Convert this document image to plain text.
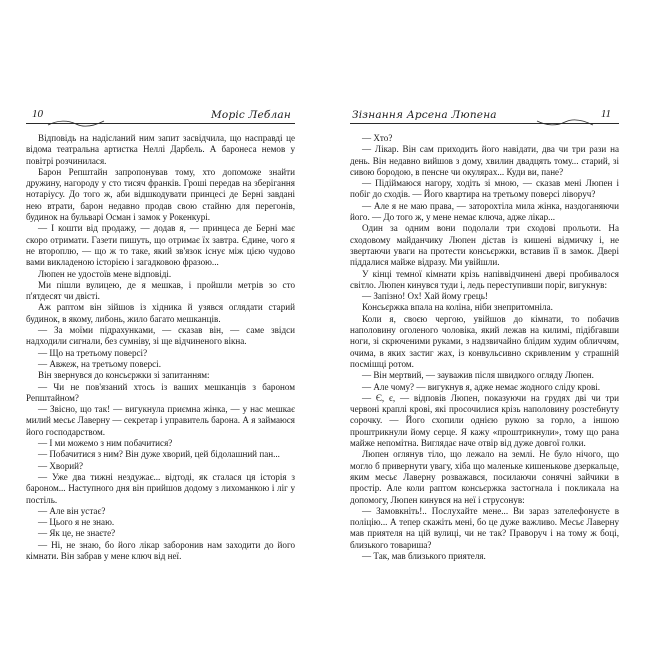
10	Моріс Леблан

Відповідь на надісланий ним запит засвідчила, що насправді це відома театральна артистка Неллі Дарбель. А баронеса немов у повітрі розчинилася.

Барон Репштайн запропонував тому, хто допоможе знайти дружину, нагороду у сто тисяч франків. Гроші передав на зберігання нотаріусу. До того ж, аби відшкодувати принцесі де Берні завдані нею втрати, барон недавно продав свою стайню для перегонів, будинок на бульварі Осман і замок у Рокенкурі.

— І кошти від продажу, — додав я, — принцеса де Берні має скоро отримати. Газети пишуть, що отримає їх завтра. Єдине, чого я не второплю, — що ж то таке, який зв'язок існує між цією чудово вами викладеною історією і загадковою фразою...

Люпен не удостоїв мене відповіді.

Ми пішли вулицею, де я мешкав, і пройшли метрів зо сто п'ятдесят чи двісті.

Аж раптом він зійшов із хідника й узявся оглядати старий будинок, в якому, либонь, жило багато мешканців.

— За моїми підрахунками, — сказав він, — саме звідси надходили сигнали, без сумніву, зі ще відчиненого вікна.

— Що на третьому поверсі?

— Авжеж, на третьому поверсі.

Він звернувся до консьєржки зі запитанням:

— Чи не пов'язаний хтось із ваших мешканців з бароном Репштайном?

— Звісно, що так! — вигукнула приємна жінка, — у нас мешкає милий месьє Лаверну — секретар і управитель барона. А я займаюся його господарством.

— І ми можемо з ним побачитися?

— Побачитися з ним? Він дуже хворий, цей бідолашний пан...

— Хворий?

— Уже два тижні нездужає... відтоді, як сталася ця історія з бароном... Наступного дня він прийшов додому з лихоманкою і ліг у постіль.

— Але він устає?

— Цього я не знаю.

— Як це, не знаєте?

— Ні, не знаю, бо його лікар заборонив нам заходити до його кімнати. Він забрав у мене ключ від неї.

Зізнання Арсена Люпена	11

— Хто?

— Лікар. Він сам приходить його навідати, два чи три рази на день. Він недавно вийшов з дому, хвилин двадцять тому... старий, зі сивою бородою, в пенсне чи окулярах... Куди ви, пане?

— Підіймаюся нагору, ходіть зі мною, — сказав мені Люпен і побіг до сходів. — Його квартира на третьому поверсі ліворуч?

— Але я не маю права, — заторохтіла мила жінка, наздоганяючи його. — До того ж, у мене немає ключа, адже лікар...

Один за одним вони подолали три сходові прольоти. На сходовому майданчику Люпен дістав із кишені відмичку і, не звертаючи уваги на протести консьєржки, вставив її в замок. Двері піддалися майже відразу. Ми увійшли.

У кінці темної кімнати крізь напіввідчинені двері пробивалося світло. Люпен кинувся туди і, ледь переступивши поріг, вигукнув:

— Запізно! Ох! Хай йому грець!

Консьєржка впала на коліна, ніби знепритомніла.

Коли я, своєю чергою, увійшов до кімнати, то побачив наполовину оголеного чоловіка, який лежав на килимі, підібгавши ноги, зі скрюченими руками, з надзвичайно блідим худим обличчям, очима, в яких застиг жах, із конвульсивно скривленим у страшній посмішці ротом.

— Він мертвий, — зауважив після швидкого огляду Люпен.

— Але чому? — вигукнув я, адже немає жодного сліду крові.

— Є, є, — відповів Люпен, показуючи на грудях дві чи три червоні краплі крові, які просочилися крізь наполовину розстебнуту сорочку. — Його схопили однією рукою за горло, а іншою проштрикнули йому серце. Я кажу «проштрикнули», тому що рана майже непомітна. Виглядає наче отвір від дуже довгої голки.

Люпен оглянув тіло, що лежало на землі. Не було нічого, що могло б привернути увагу, хіба що маленьке кишенькове дзеркальце, яким месьє Лаверну розважався, посилаючи сонячні зайчики в простір. Але коли раптом консьєржка застогнала і покликала на допомогу, Люпен кинувся на неї і струсонув:

— Замовкніть!.. Послухайте мене... Ви зараз зателефонуєте в поліцію... А тепер скажіть мені, бо це дуже важливо. Месьє Лаверну мав приятеля на цій вулиці, чи не так? Праворуч і на тому ж боці, близького товариша?

— Так, мав близького приятеля.
